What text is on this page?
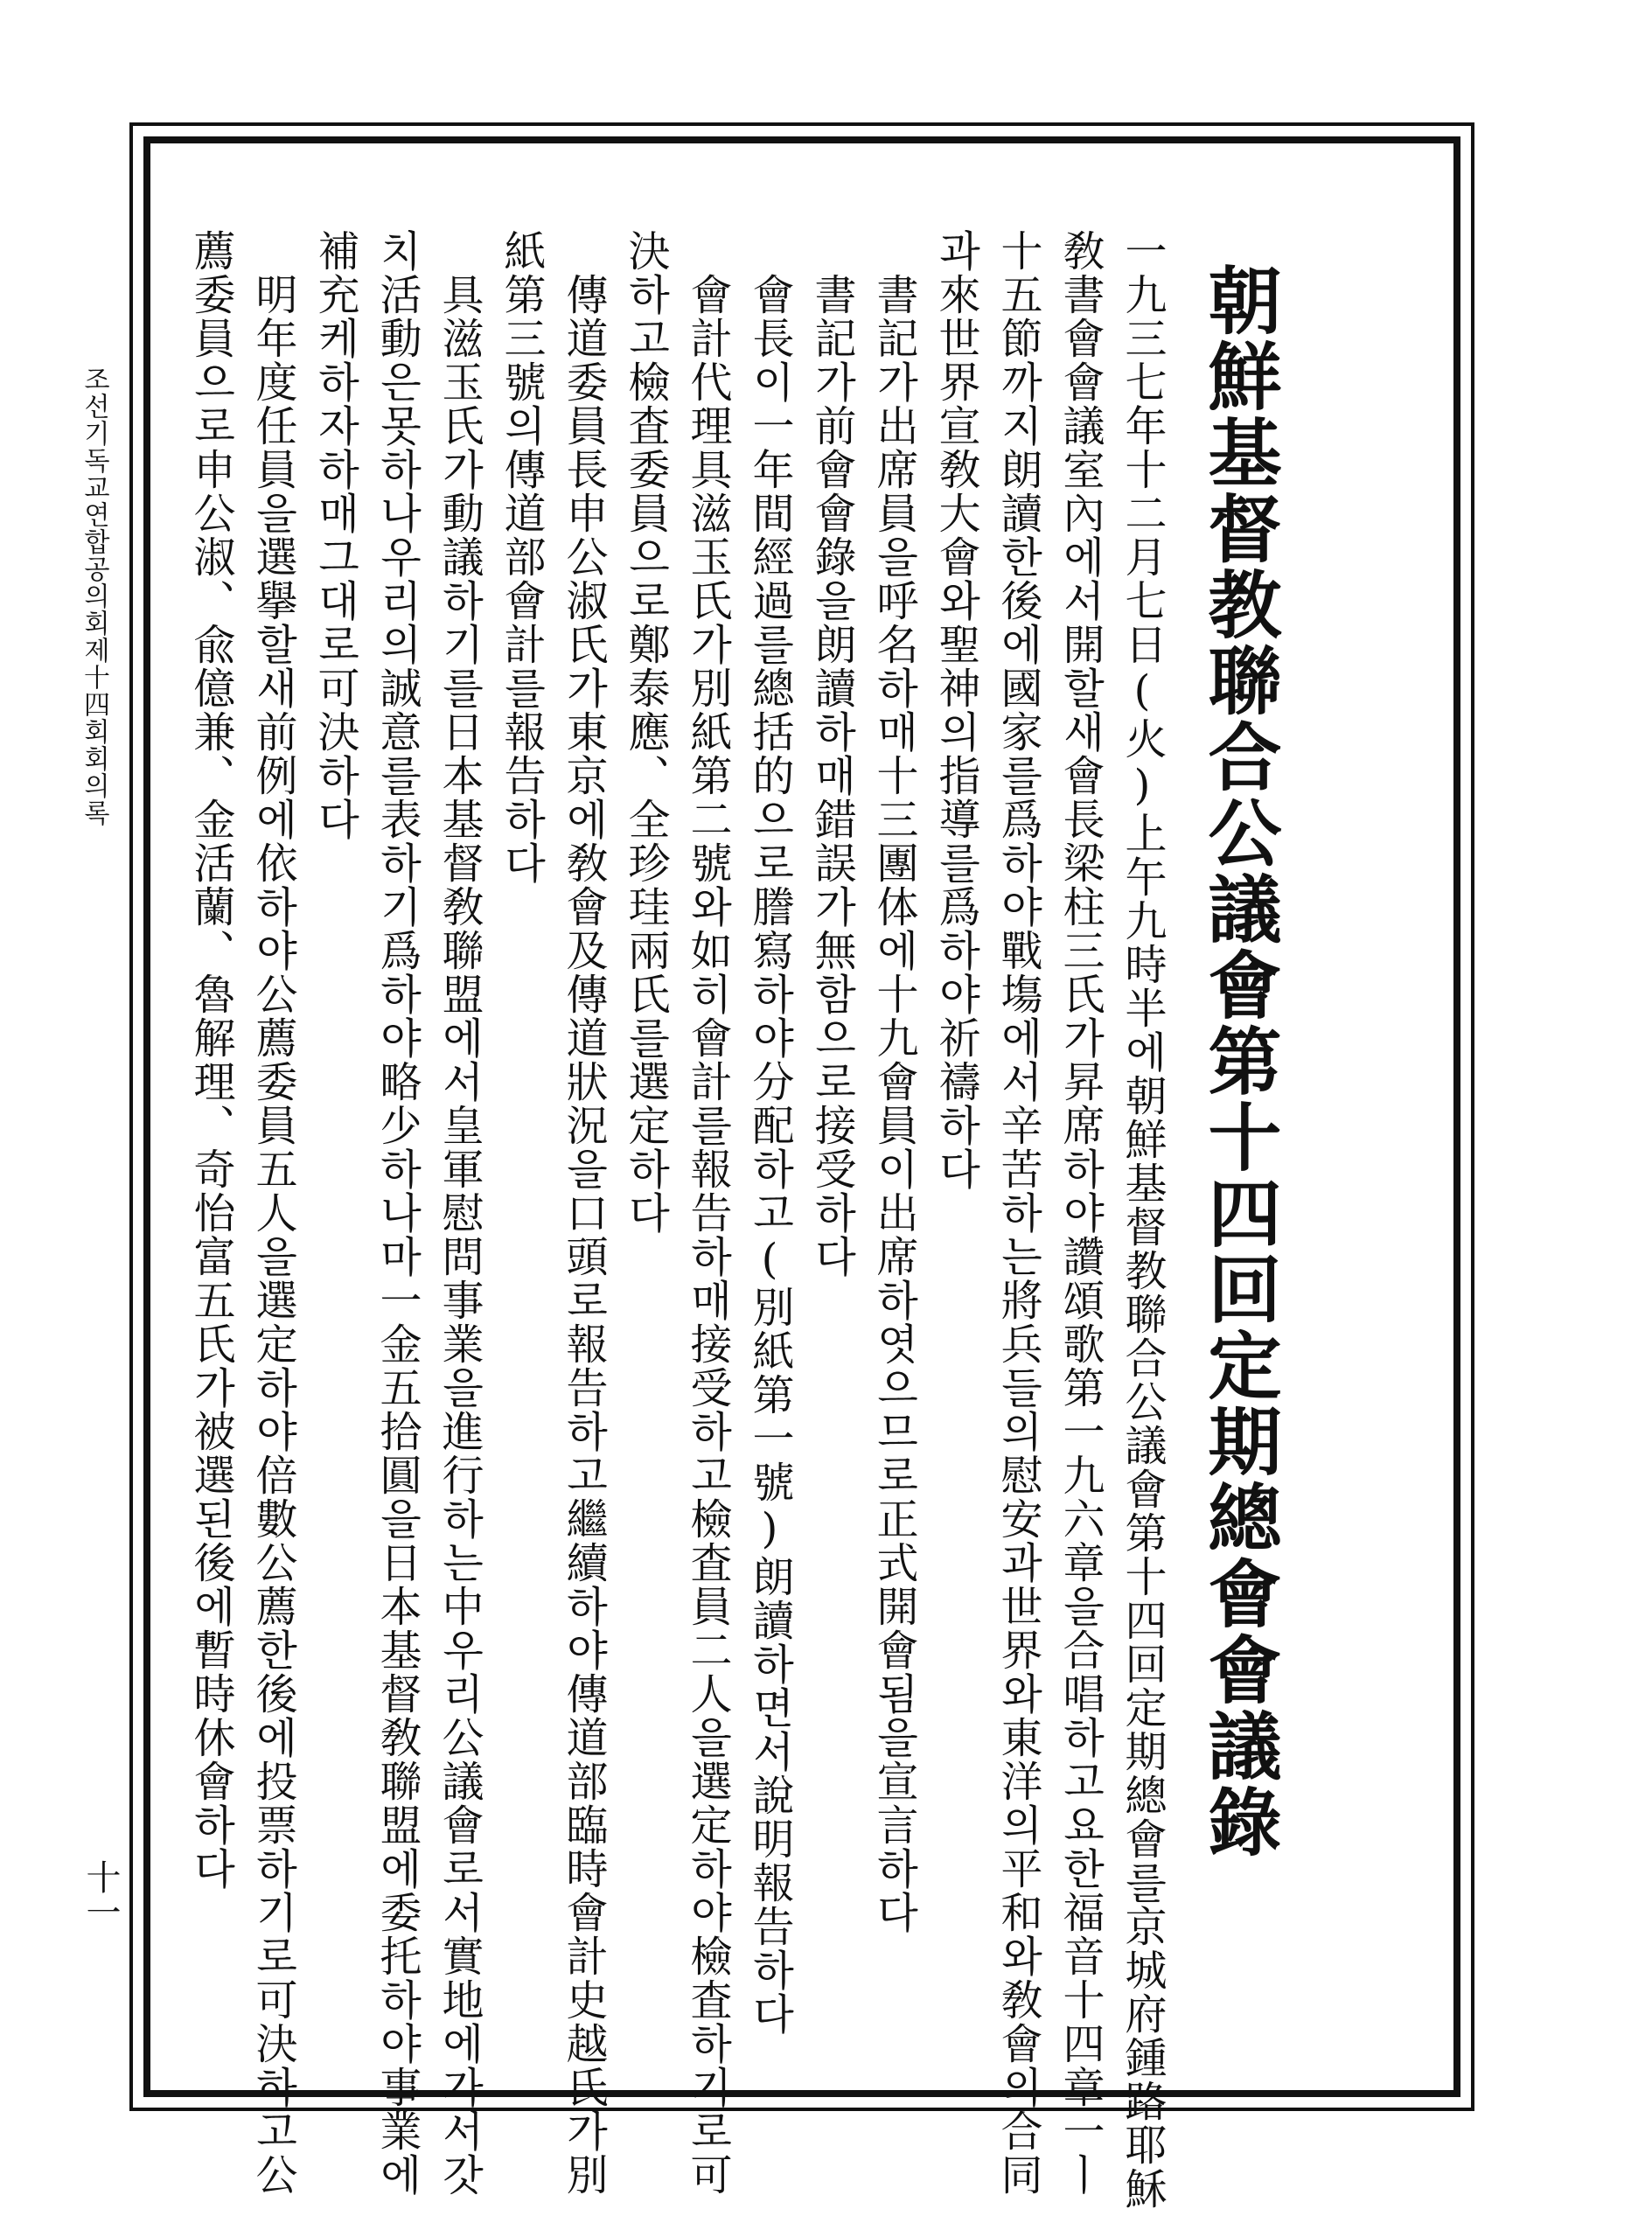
朝鮮基督教聯合公議會第十四回定期總會會議錄
一九三七年十二月七日(火)上午九時半에朝鮮基督教聯合公議會第十四回定期總會를京城府鍾路耶穌
敎書會會議室內에서開할새會長梁柱三氏가昇席하야讚頌歌第一九六章을合唱하고요한福音十四章一ㅣ
十五節까지朗讀한後에國家를爲하야戰塲에서辛苦하는將兵들의慰安과世界와東洋의平和와敎會의合同
과來世界宣敎大會와聖神의指導를爲하야祈禱하다
書記가出席員을呼名하매十三團体에十九會員이出席하엿으므로正式開會됨을宣言하다
書記가前會會錄을朗讀하매錯誤가無함으로接受하다
會長이一年間經過를總括的으로謄寫하야分配하고(別紙第一號)朗讀하면서說明報告하다
會計代理具滋玉氏가別紙第二號와如히會計를報告하매接受하고檢査員二人을選定하야檢査하기로可
決하고檢査委員으로鄭泰應、全珍珪兩氏를選定하다
傳道委員長申公淑氏가東京에敎會及傳道狀況을口頭로報告하고繼續하야傳道部臨時會計史越氏가別
紙第三號의傳道部會計를報告하다
具滋玉氏가動議하기를日本基督敎聯盟에서皇軍慰問事業을進行하는中우리公議會로서實地에가서갓
치活動은못하나우리의誠意를表하기爲하야略少하나마一金五拾圓을日本基督敎聯盟에委托하야事業에
補充케하자하매그대로可決하다
明年度任員을選擧할새前例에依하야公薦委員五人을選定하야倍數公薦한後에投票하기로可決하고公
薦委員으로申公淑、兪億兼、金活蘭、魯解理、奇怡富五氏가被選된後에暫時休會하다
조선기독교연합공의회제十四회회의록
十一
